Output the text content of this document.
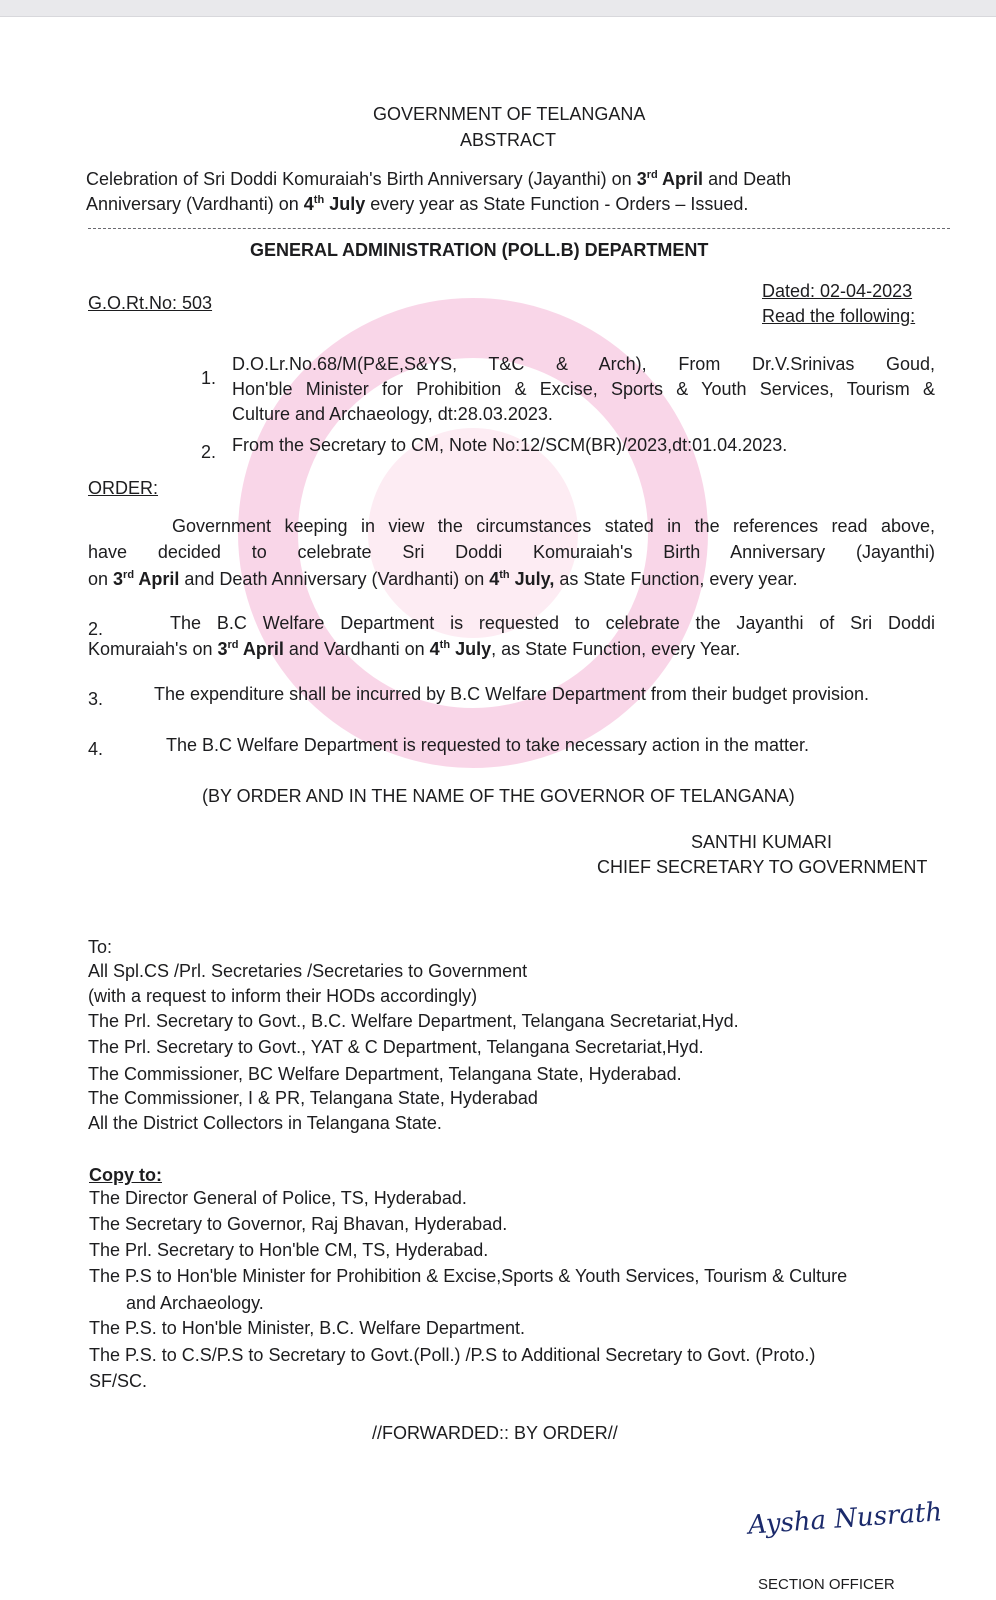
GOVERNMENT OF TELANGANA
ABSTRACT
Celebration of Sri Doddi Komuraiah's Birth Anniversary (Jayanthi) on 3rd April and Death
Anniversary (Vardhanti) on 4th July every year as State Function - Orders – Issued.
GENERAL ADMINISTRATION (POLL.B) DEPARTMENT
G.O.Rt.No: 503
Dated: 02-04-2023
Read the following:
1.
D.O.Lr.No.68/M(P&E,S&YS, T&C & Arch), From Dr.V.Srinivas Goud,
Hon'ble Minister for Prohibition & Excise, Sports & Youth Services, Tourism &
Culture and Archaeology, dt:28.03.2023.
2. From the Secretary to CM, Note No:12/SCM(BR)/2023,dt:01.04.2023.
ORDER:
Government keeping in view the circumstances stated in the references read above,
have decided to celebrate Sri Doddi Komuraiah's Birth Anniversary (Jayanthi)
on 3rd April and Death Anniversary (Vardhanti) on 4th July, as State Function, every year.
2.	The B.C Welfare Department is requested to celebrate the Jayanthi of Sri Doddi
Komuraiah's on 3rd April and Vardhanti on 4th July, as State Function, every Year.
3.	The expenditure shall be incurred by B.C Welfare Department from their budget provision.
4.	The B.C Welfare Department is requested to take necessary action in the matter.
(BY ORDER AND IN THE NAME OF THE GOVERNOR OF TELANGANA)
SANTHI KUMARI
CHIEF SECRETARY TO GOVERNMENT
To:
All Spl.CS /Prl. Secretaries /Secretaries to Government
(with a request to inform their HODs accordingly)
The Prl. Secretary to Govt., B.C. Welfare Department, Telangana Secretariat,Hyd.
The Prl. Secretary to Govt., YAT & C Department, Telangana Secretariat,Hyd.
The Commissioner, BC Welfare Department, Telangana State, Hyderabad.
The Commissioner, I & PR, Telangana State, Hyderabad
All the District Collectors in Telangana State.
Copy to:
The Director General of Police, TS, Hyderabad.
The Secretary to Governor, Raj Bhavan, Hyderabad.
The Prl. Secretary to Hon'ble CM, TS, Hyderabad.
The P.S to Hon'ble Minister for Prohibition & Excise,Sports & Youth Services, Tourism & Culture
and Archaeology.
The P.S. to Hon'ble Minister, B.C. Welfare Department.
The P.S. to C.S/P.S to Secretary to Govt.(Poll.) /P.S to Additional Secretary to Govt. (Proto.)
SF/SC.
//FORWARDED:: BY ORDER//
Aysha Nusrath
SECTION OFFICER
